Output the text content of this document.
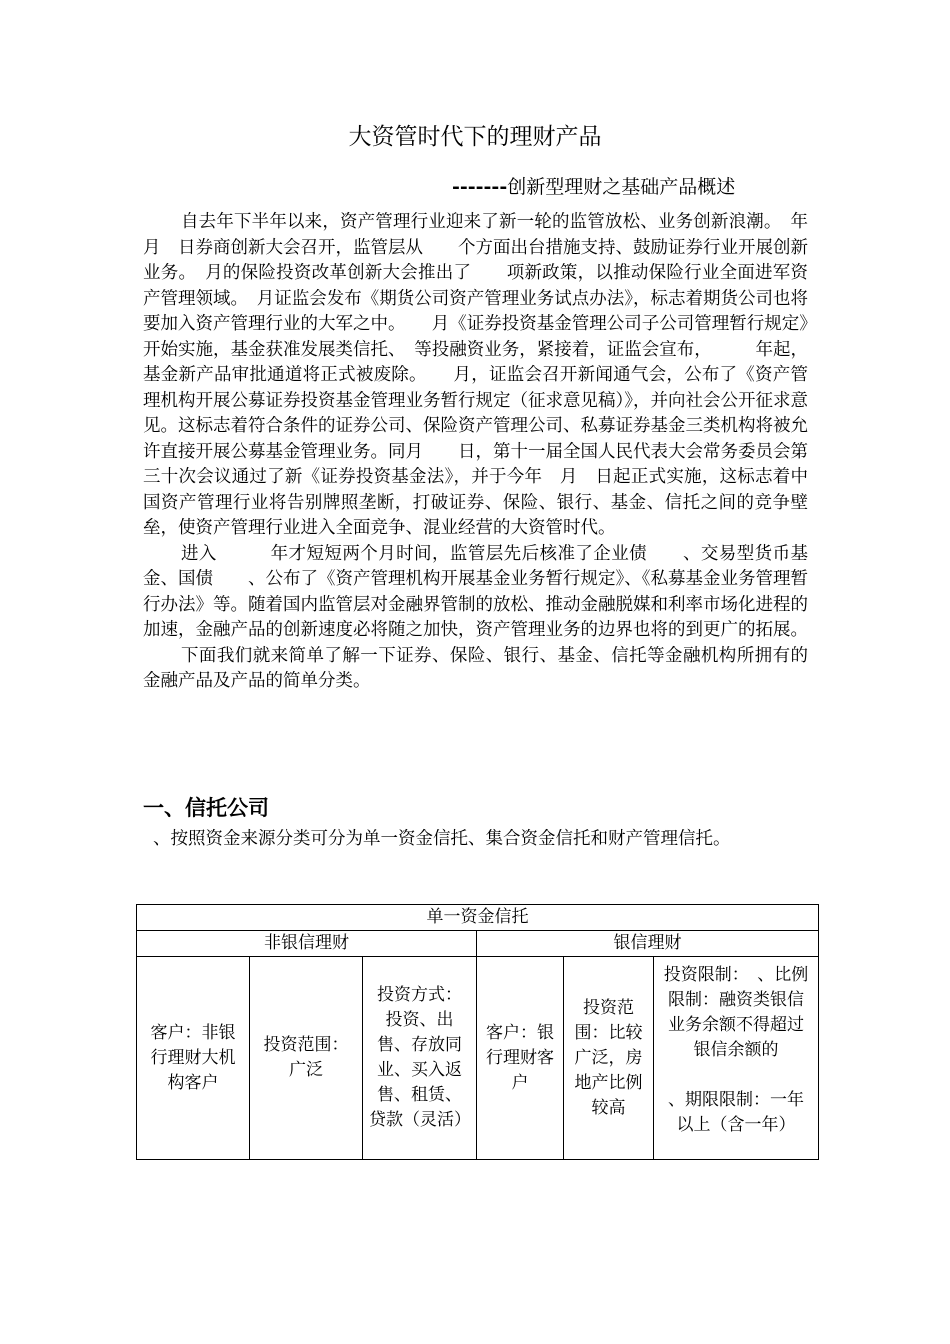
大资管时代下的理财产品
-------创新型理财之基础产品概述

自去年下半年以来，资产管理行业迎来了新一轮的监管放松、业务创新浪潮。　年　月　日券商创新大会召开，监管层从　　个方面出台措施支持、鼓励证券行业开展创新业务。　月的保险投资改革创新大会推出了　　项新政策，以推动保险行业全面进军资产管理领域。　月证监会发布《期货公司资产管理业务试点办法》，标志着期货公司也将要加入资产管理行业的大军之中。　　月《证券投资基金管理公司子公司管理暂行规定》开始实施，基金获准发展类信托、　等投融资业务，紧接着，证监会宣布，　　　年起，基金新产品审批通道将正式被废除。　　月，证监会召开新闻通气会，公布了《资产管理机构开展公募证券投资基金管理业务暂行规定（征求意见稿）》，并向社会公开征求意见。这标志着符合条件的证券公司、保险资产管理公司、私募证券基金三类机构将被允许直接开展公募基金管理业务。同月　　日，第十一届全国人民代表大会常务委员会第三十次会议通过了新《证券投资基金法》，并于今年　月　日起正式实施，这标志着中国资产管理行业将告别牌照垄断，打破证券、保险、银行、基金、信托之间的竞争壁垒，使资产管理行业进入全面竞争、混业经营的大资管时代。

进入　　　年才短短两个月时间，监管层先后核准了企业债　　、交易型货币基金、国债　　、公布了《资产管理机构开展基金业务暂行规定》、《私募基金业务管理暂行办法》等。随着国内监管层对金融界管制的放松、推动金融脱媒和利率市场化进程的加速，金融产品的创新速度必将随之加快，资产管理业务的边界也将的到更广的拓展。

下面我们就来简单了解一下证券、保险、银行、基金、信托等金融机构所拥有的金融产品及产品的简单分类。

一、信托公司
、按照资金来源分类可分为单一资金信托、集合资金信托和财产管理信托。
单一资金信托					
非银信理财			银信理财		
客户：非银行理财大机构客户	投资范围：广泛	投资方式：投资、出售、存放同业、买入返售、租赁、贷款（灵活）	客户：银行理财客户	投资范围：比较广泛，房地产比例较高	投资限制：　、比例限制：融资类银信业务余额不得超过银信余额的
、期限限制：一年以上（含一年）
